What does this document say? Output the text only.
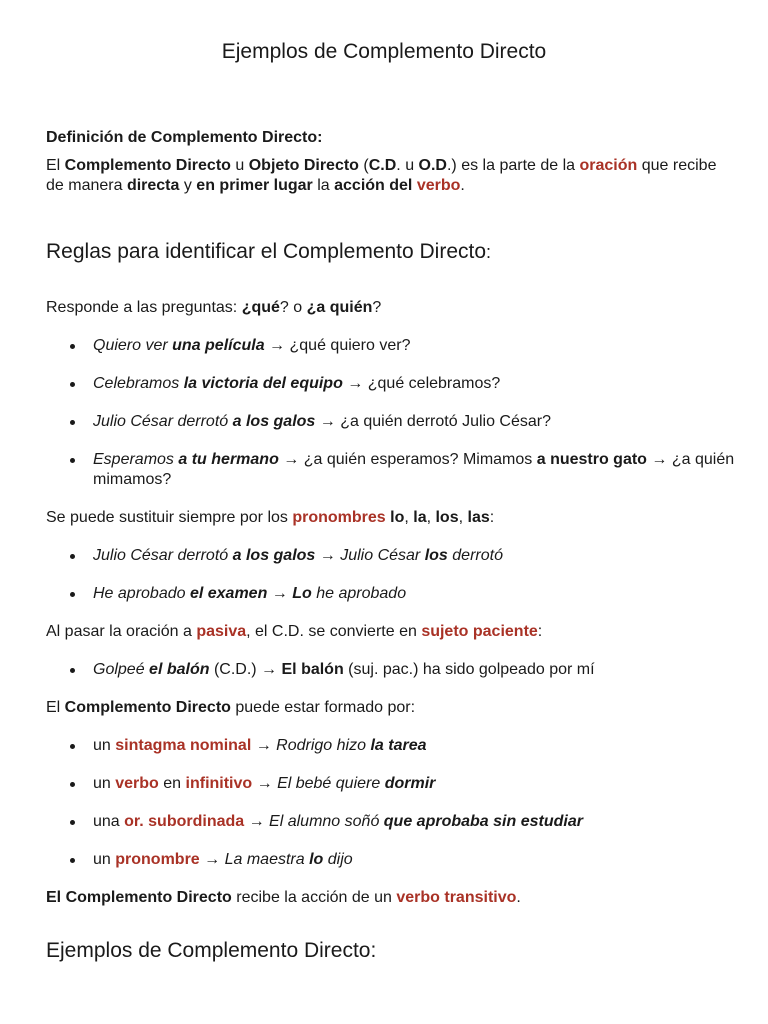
Ejemplos de Complemento Directo

Definición de Complemento Directo:

El Complemento Directo u Objeto Directo (C.D. u O.D.) es la parte de la oración que recibe de manera directa y en primer lugar la acción del verbo.

Reglas para identificar el Complemento Directo:

Responde a las preguntas: ¿qué? o ¿a quién?

Quiero ver una película → ¿qué quiero ver?
Celebramos la victoria del equipo → ¿qué celebramos?
Julio César derrotó a los galos → ¿a quién derrotó Julio César?
Esperamos a tu hermano → ¿a quién esperamos? Mimamos a nuestro gato → ¿a quién mimamos?

Se puede sustituir siempre por los pronombres lo, la, los, las:

Julio César derrotó a los galos → Julio César los derrotó
He aprobado el examen → Lo he aprobado

Al pasar la oración a pasiva, el C.D. se convierte en sujeto paciente:

Golpeé el balón (C.D.) → El balón (suj. pac.) ha sido golpeado por mí

El Complemento Directo puede estar formado por:

un sintagma nominal → Rodrigo hizo la tarea
un verbo en infinitivo → El bebé quiere dormir
una or. subordinada → El alumno soñó que aprobaba sin estudiar
un pronombre → La maestra lo dijo

El Complemento Directo recibe la acción de un verbo transitivo.

Ejemplos de Complemento Directo:
